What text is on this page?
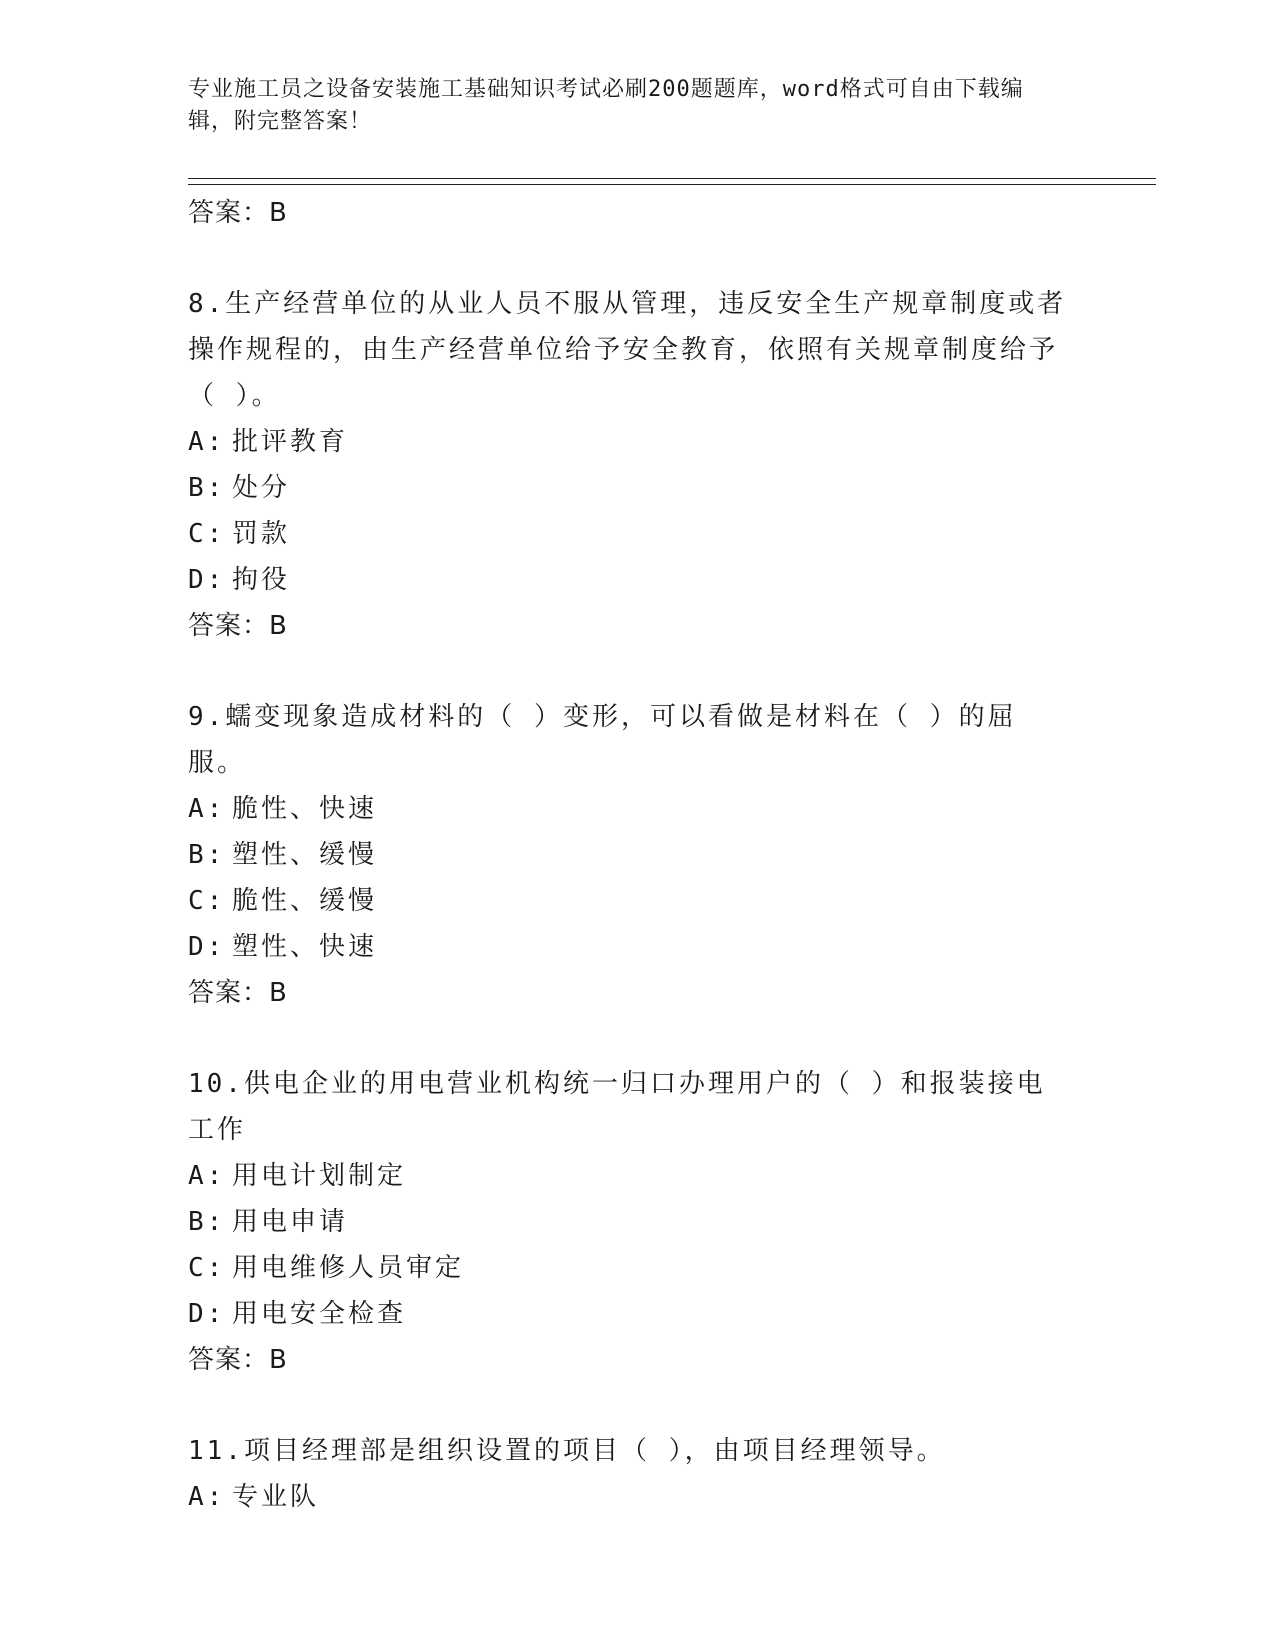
专业施工员之设备安装施工基础知识考试必刷200题题库，word格式可自由下载编辑，附完整答案！
答案：B

8.生产经营单位的从业人员不服从管理，违反安全生产规章制度或者操作规程的，由生产经营单位给予安全教育，依照有关规章制度给予（ ）。

A: 批评教育
B: 处分
C: 罚款
D: 拘役
答案：B

9.蠕变现象造成材料的（ ）变形，可以看做是材料在（ ）的屈服。

A: 脆性、快速
B: 塑性、缓慢
C: 脆性、缓慢
D: 塑性、快速
答案：B

10.供电企业的用电营业机构统一归口办理用户的（ ）和报装接电工作

A: 用电计划制定
B: 用电申请
C: 用电维修人员审定
D: 用电安全检查
答案：B

11.项目经理部是组织设置的项目（ ），由项目经理领导。

A: 专业队
